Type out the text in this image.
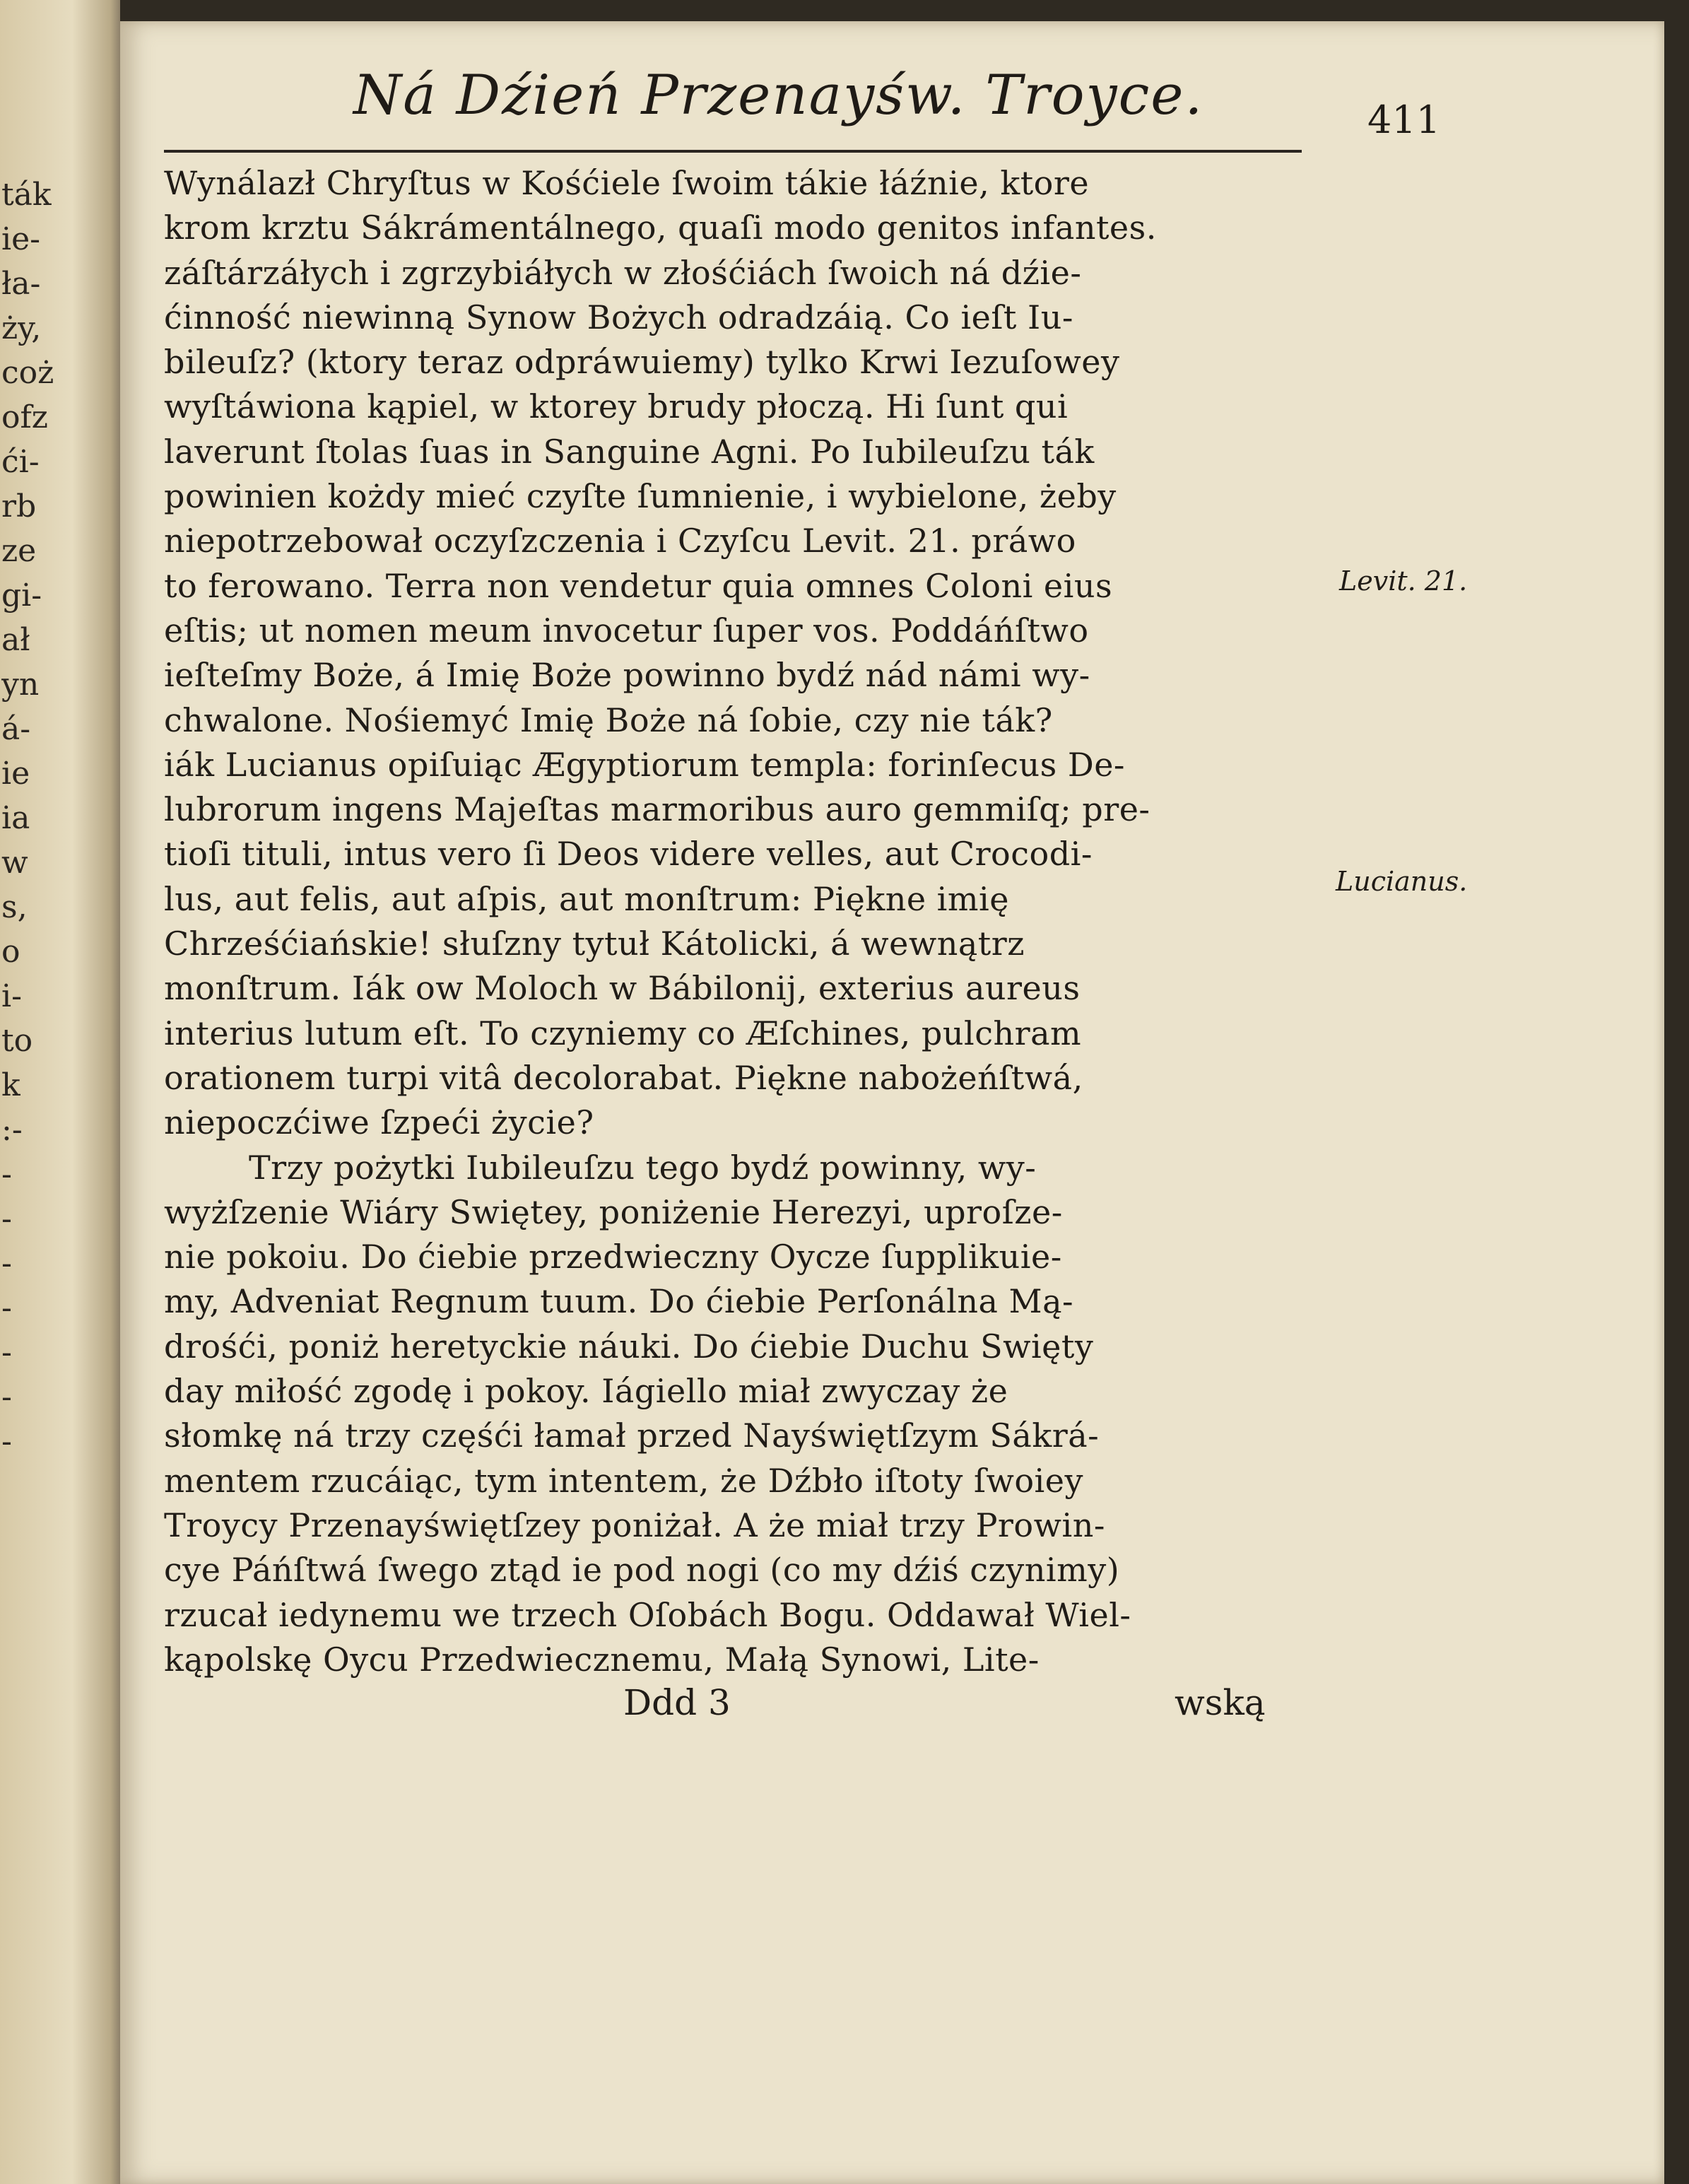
ták
ie-
ła-
ży,
coż
ofz
ći-
rb
ze
gi-
ał
yn
á-
ie
ia
w
s,
o
i-
to
k
:-
-
-
-
-
-
-
-
Ná Dźień Przenayśw. Troyce.	411
Wynálazł Chryſtus w Kośćiele ſwoim tákie łáźnie, ktore
krom krztu Sákrámentálnego, quaſi modo genitos infantes.
záſtárzáłych i zgrzybiáłych w złośćiách ſwoich ná dźie-
ćinność niewinną Synow Bożych odradzáią. Co ieſt Iu-
bileuſz? (ktory teraz odpráwuiemy) tylko Krwi Iezuſowey
wyſtáwiona kąpiel, w ktorey brudy płoczą. Hi ſunt qui
laverunt ſtolas ſuas in Sanguine Agni. Po Iubileuſzu ták
powinien kożdy mieć czyſte ſumnienie, i wybielone, żeby
niepotrzebował oczyſzczenia i Czyſcu Levit. 21. práwo
to ferowano. Terra non vendetur quia omnes Coloni eius
eſtis; ut nomen meum invocetur ſuper vos. Poddáńſtwo
ieſteſmy Boże, á Imię Boże powinno bydź nád námi wy-
chwalone. Nośiemyć Imię Boże ná ſobie, czy nie ták?
iák Lucianus opiſuiąc Ægyptiorum templa: forinſecus De-
lubrorum ingens Majeſtas marmoribus auro gemmiſq; pre-
tioſi tituli, intus vero ſi Deos videre velles, aut Crocodi-
lus, aut felis, aut aſpis, aut monſtrum: Piękne imię
Chrześćiańskie! słuſzny tytuł Kátolicki, á wewnątrz
monſtrum. Iák ow Moloch w Bábilonij, exterius aureus
interius lutum eſt. To czyniemy co Æſchines, pulchram
orationem turpi vitâ decolorabat. Piękne nabożeńſtwá,
niepoczćiwe ſzpeći życie?
Trzy pożytki Iubileuſzu tego bydź powinny, wy-
wyżſzenie Wiáry Swiętey, poniżenie Herezyi, uproſze-
nie pokoiu. Do ćiebie przedwieczny Oycze ſupplikuie-
my, Adveniat Regnum tuum. Do ćiebie Perſonálna Mą-
drośći, poniż heretyckie náuki. Do ćiebie Duchu Swięty
day miłość zgodę i pokoy. Iágiello miał zwyczay że
słomkę ná trzy częśći łamał przed Nayświętſzym Sákrá-
mentem rzucáiąc, tym intentem, że Dźbło iſtoty ſwoiey
Troycy Przenayświętſzey poniżał. A że miał trzy Prowin-
cye Páńſtwá ſwego ztąd ie pod nogi (co my dźiś czynimy)
rzucał iedynemu we trzech Oſobách Bogu. Oddawał Wiel-
kąpolskę Oycu Przedwiecznemu, Małą Synowi, Lite-
Ddd 3	wską
Levit. 21.
Lucianus.
